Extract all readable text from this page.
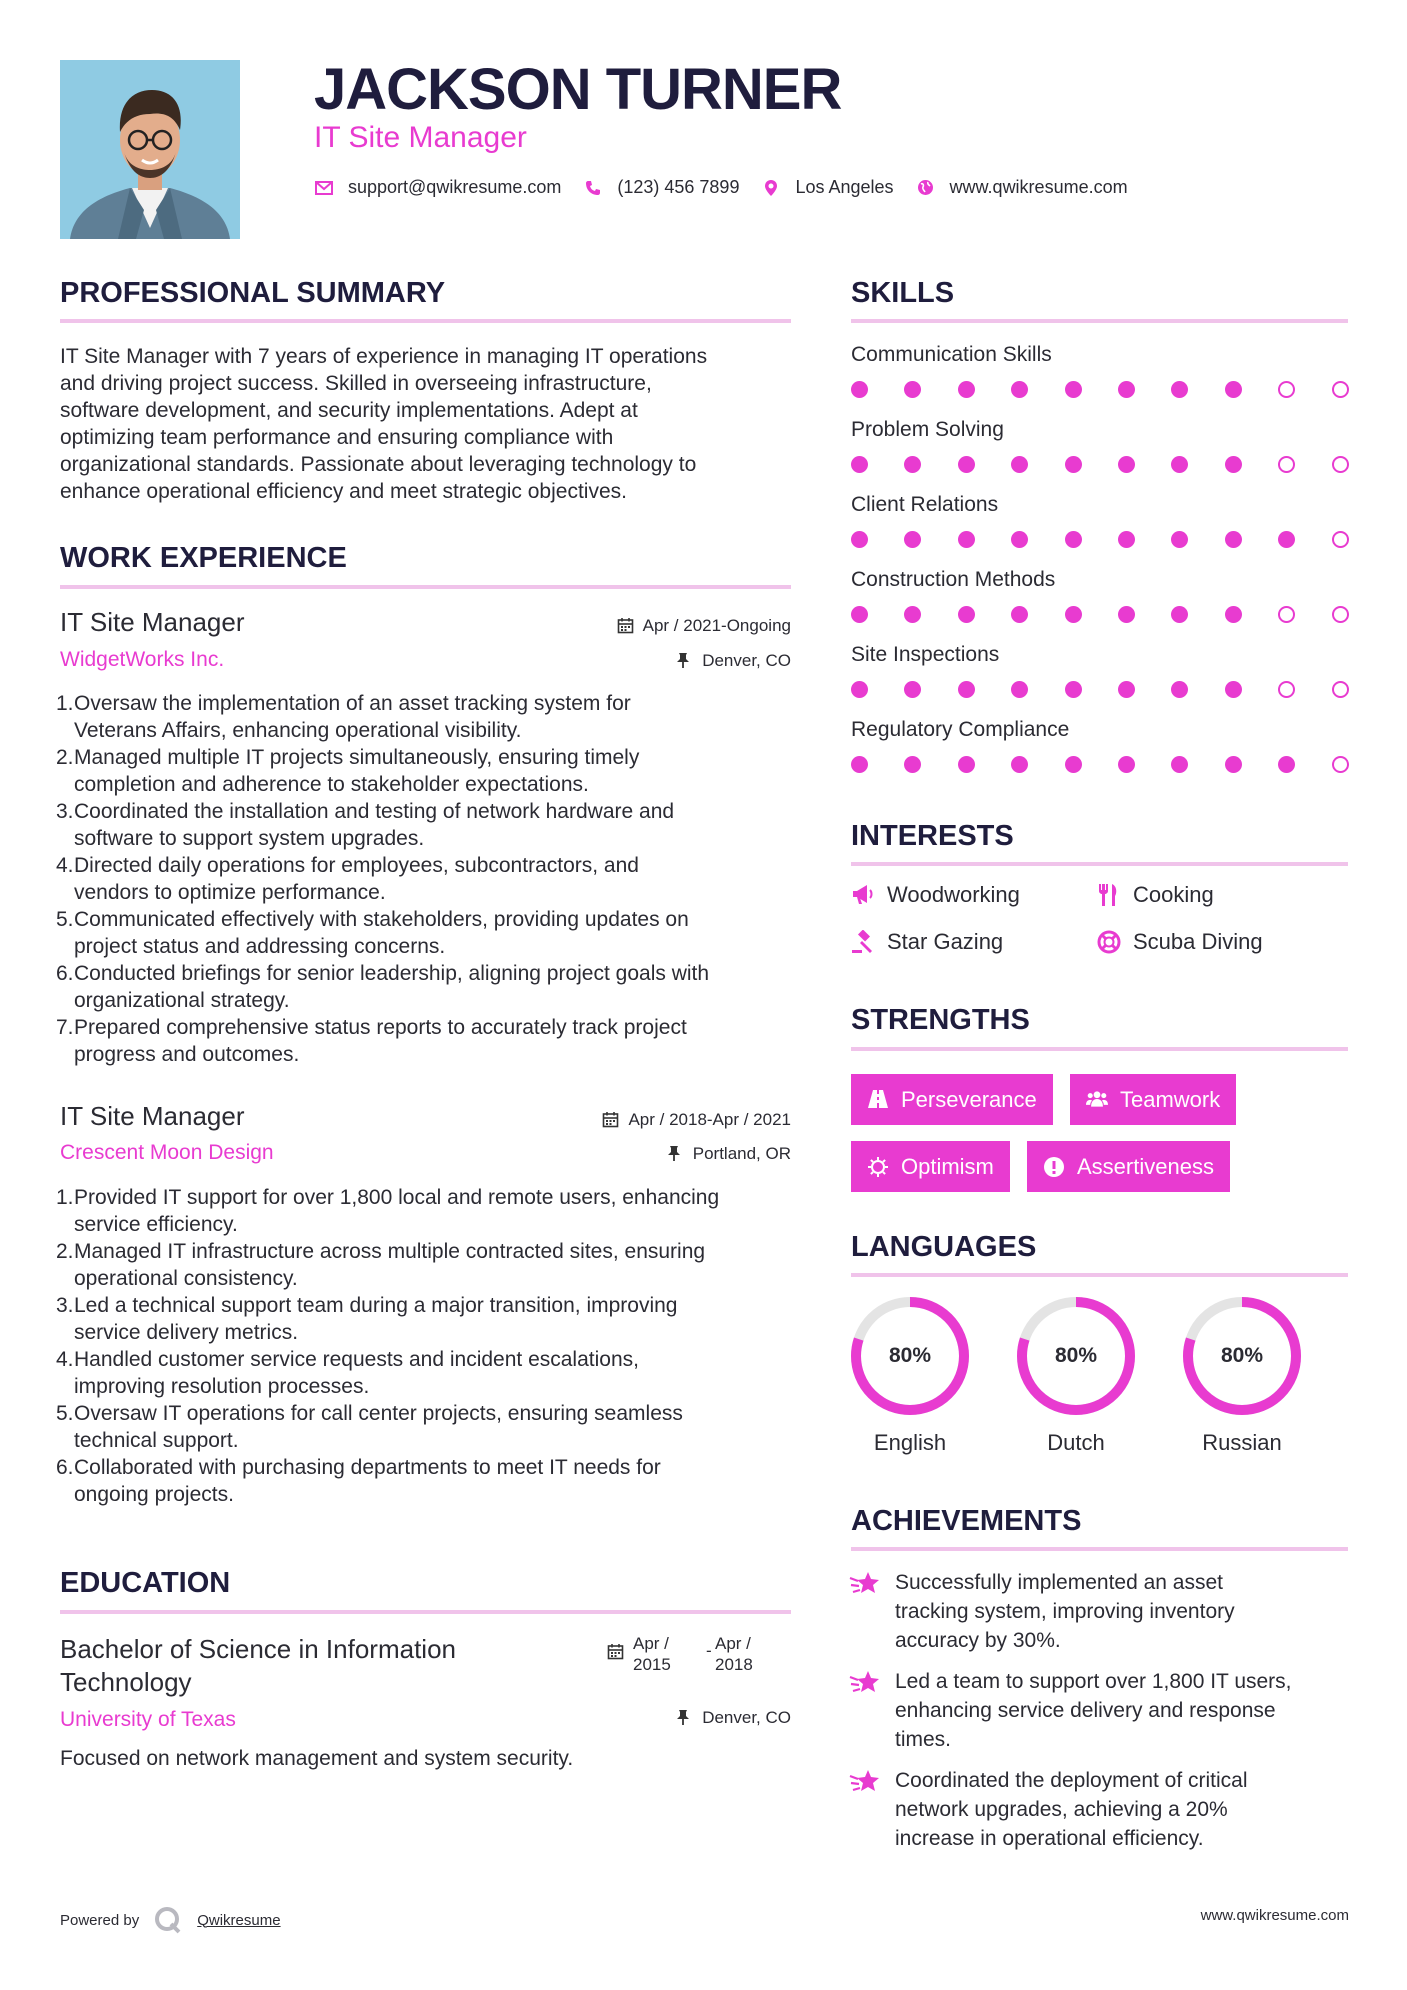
JACKSON TURNER
IT Site Manager
support@qwikresume.com	(123) 456 7899	Los Angeles	www.qwikresume.com
PROFESSIONAL SUMMARY
IT Site Manager with 7 years of experience in managing IT operations
and driving project success. Skilled in overseeing infrastructure,
software development, and security implementations. Adept at
optimizing team performance and ensuring compliance with
organizational standards. Passionate about leveraging technology to
enhance operational efficiency and meet strategic objectives.
WORK EXPERIENCE
IT Site Manager
WidgetWorks Inc.
Apr / 2021-Ongoing
Denver, CO
1. Oversaw the implementation of an asset tracking system for
Veterans Affairs, enhancing operational visibility.
2. Managed multiple IT projects simultaneously, ensuring timely
completion and adherence to stakeholder expectations.
3. Coordinated the installation and testing of network hardware and
software to support system upgrades.
4. Directed daily operations for employees, subcontractors, and
vendors to optimize performance.
5. Communicated effectively with stakeholders, providing updates on
project status and addressing concerns.
6. Conducted briefings for senior leadership, aligning project goals with
organizational strategy.
7. Prepared comprehensive status reports to accurately track project
progress and outcomes.
IT Site Manager
Crescent Moon Design
Apr / 2018-Apr / 2021
Portland, OR
1. Provided IT support for over 1,800 local and remote users, enhancing
service efficiency.
2. Managed IT infrastructure across multiple contracted sites, ensuring
operational consistency.
3. Led a technical support team during a major transition, improving
service delivery metrics.
4. Handled customer service requests and incident escalations,
improving resolution processes.
5. Oversaw IT operations for call center projects, ensuring seamless
technical support.
6. Collaborated with purchasing departments to meet IT needs for
ongoing projects.
EDUCATION
Bachelor of Science in Information
Technology
University of Texas
Apr /
2015
- Apr /
2018
Denver, CO
Focused on network management and system security.
SKILLS
Communication Skills
Problem Solving
Client Relations
Construction Methods
Site Inspections
Regulatory Compliance
INTERESTS
Woodworking	Cooking
Star Gazing	Scuba Diving
STRENGTHS
Perseverance	Teamwork
Optimism	Assertiveness
LANGUAGES
80%
English
80%
Dutch
80%
Russian
ACHIEVEMENTS
Successfully implemented an asset
tracking system, improving inventory
accuracy by 30%.
Led a team to support over 1,800 IT users,
enhancing service delivery and response
times.
Coordinated the deployment of critical
network upgrades, achieving a 20%
increase in operational efficiency.
Powered by	Qwikresume	www.qwikresume.com
